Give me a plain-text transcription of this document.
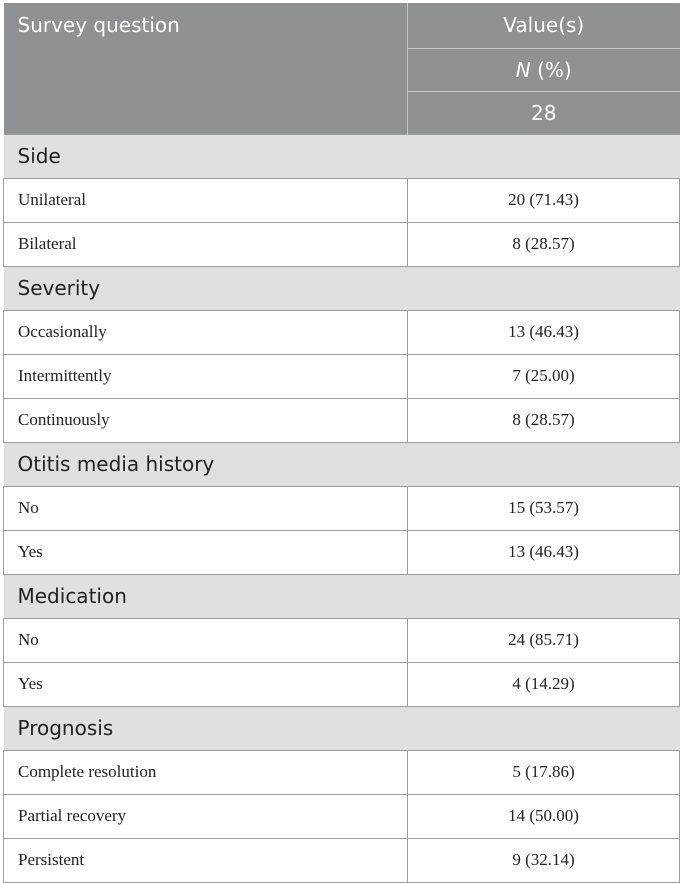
Survey question	Value(s)
	N (%)
	28
Side	
Unilateral	20 (71.43)
Bilateral	8 (28.57)
Severity	
Occasionally	13 (46.43)
Intermittently	7 (25.00)
Continuously	8 (28.57)
Otitis media history	
No	15 (53.57)
Yes	13 (46.43)
Medication	
No	24 (85.71)
Yes	4 (14.29)
Prognosis	
Complete resolution	5 (17.86)
Partial recovery	14 (50.00)
Persistent	9 (32.14)
